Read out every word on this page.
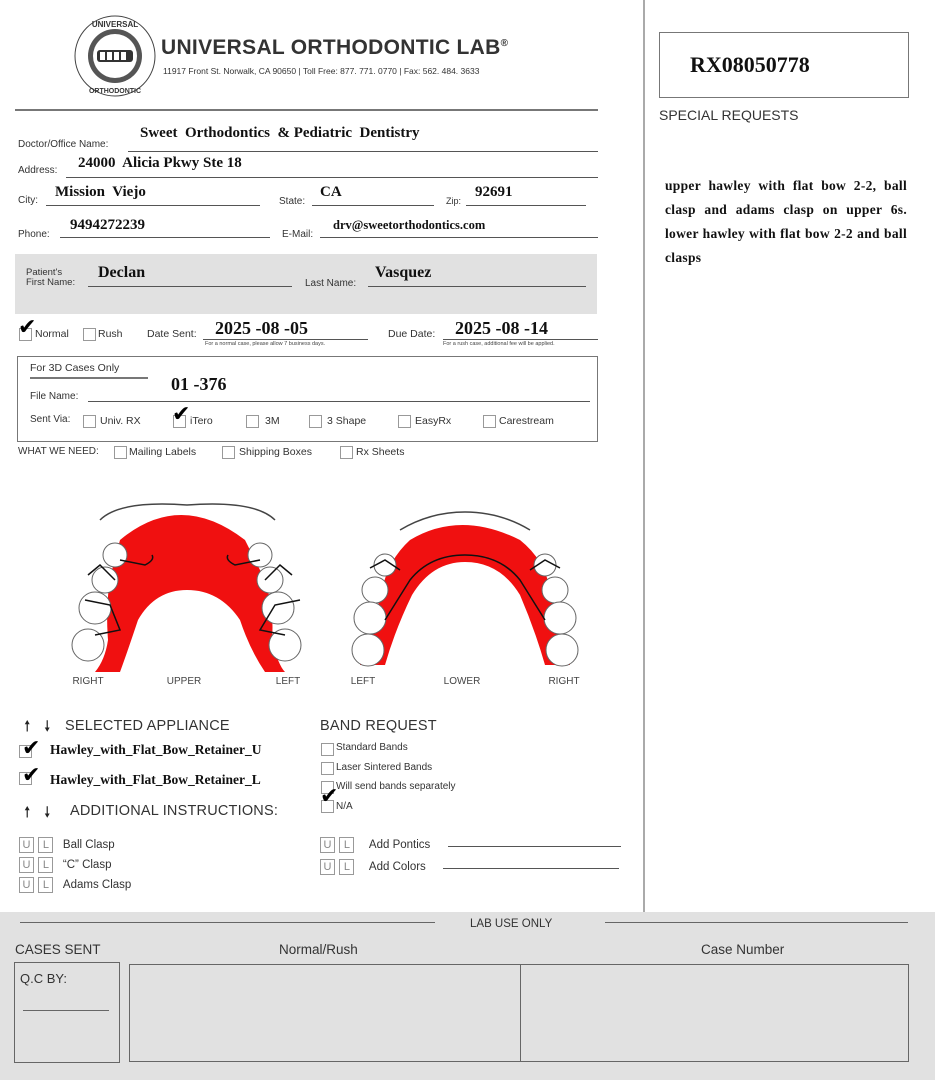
UNIVERSAL
ORTHODONTIC
UNIVERSAL ORTHODONTIC LAB®
11917 Front St. Norwalk, CA 90650 | Toll Free: 877. 771. 0770 | Fax: 562. 484. 3633	RX08050778
SPECIAL REQUESTS
upper hawley with flat bow 2-2, ball clasp and adams clasp on upper 6s. lower hawley with flat bow 2-2 and ball clasps
Doctor/Office Name:
Sweet  Orthodontics  & Pediatric  Dentistry
Address: 24000  Alicia Pkwy Ste 18
City:
Mission  Viejo
State:
CA
Zip:
92691
Phone:
9494272239
E-Mail:
drv@sweetorthodontics.com
Patient's
First Name:
Declan
Last Name:
Vasquez
✔
Normal	Rush Date Sent: 2025 -08 -05
For a normal case, please allow 7 business days.
Due Date: 2025 -08 -14
For a rush case, additional fee will be applied.
For 3D Cases Only
File Name:
01 -376
Sent Via:	Univ. RX ✔ iTero	3M	3 Shape	EasyRx	Carestream
WHAT WE NEED:	Mailing Labels	Shipping Boxes	Rx Sheets
RIGHT	UPPER	LEFT	LEFT	LOWER	RIGHT
🠕 🠗 SELECTED APPLIANCE
✔ Hawley_with_Flat_Bow_Retainer_U
✔ Hawley_with_Flat_Bow_Retainer_L
BAND REQUEST
Standard Bands
Laser Sintered Bands
Will send bands separately
✔
N/A
🠕 🠗 ADDITIONAL INSTRUCTIONS:
U L Ball Clasp
U L “C” Clasp
U L Adams Clasp
U L Add Pontics
U L Add Colors
LAB USE ONLY
CASES SENT	Normal/Rush	Case Number
Q.C BY:
